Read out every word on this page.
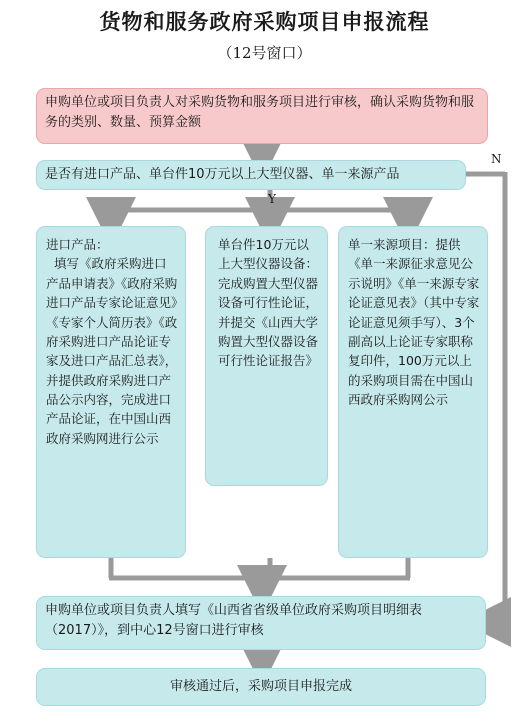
货物和服务政府采购项目申报流程
（12号窗口）
Y
N
申购单位或项目负责人对采购货物和服务项目进行审核，确认采购货物和服务的类别、数量、预算金额
是否有进口产品、单台件10万元以上大型仪器、单一来源产品
进口产品：
填写《政府采购进口产品申请表》《政府采购进口产品专家论证意见》《专家个人简历表》《政府采购进口产品论证专家及进口产品汇总表》，并提供政府采购进口产品公示内容，完成进口产品论证，在中国山西政府采购网进行公示
单台件10万元以上大型仪器设备：完成购置大型仪器设备可行性论证，并提交《山西大学购置大型仪器设备可行性论证报告》
单一来源项目：提供《单一来源征求意见公示说明》《单一来源专家论证意见表》（其中专家论证意见须手写）、3个副高以上论证专家职称复印件，100万元以上的采购项目需在中国山西政府采购网公示
申购单位或项目负责人填写《山西省省级单位政府采购项目明细表（2017）》，到中心12号窗口进行审核
审核通过后，采购项目申报完成
